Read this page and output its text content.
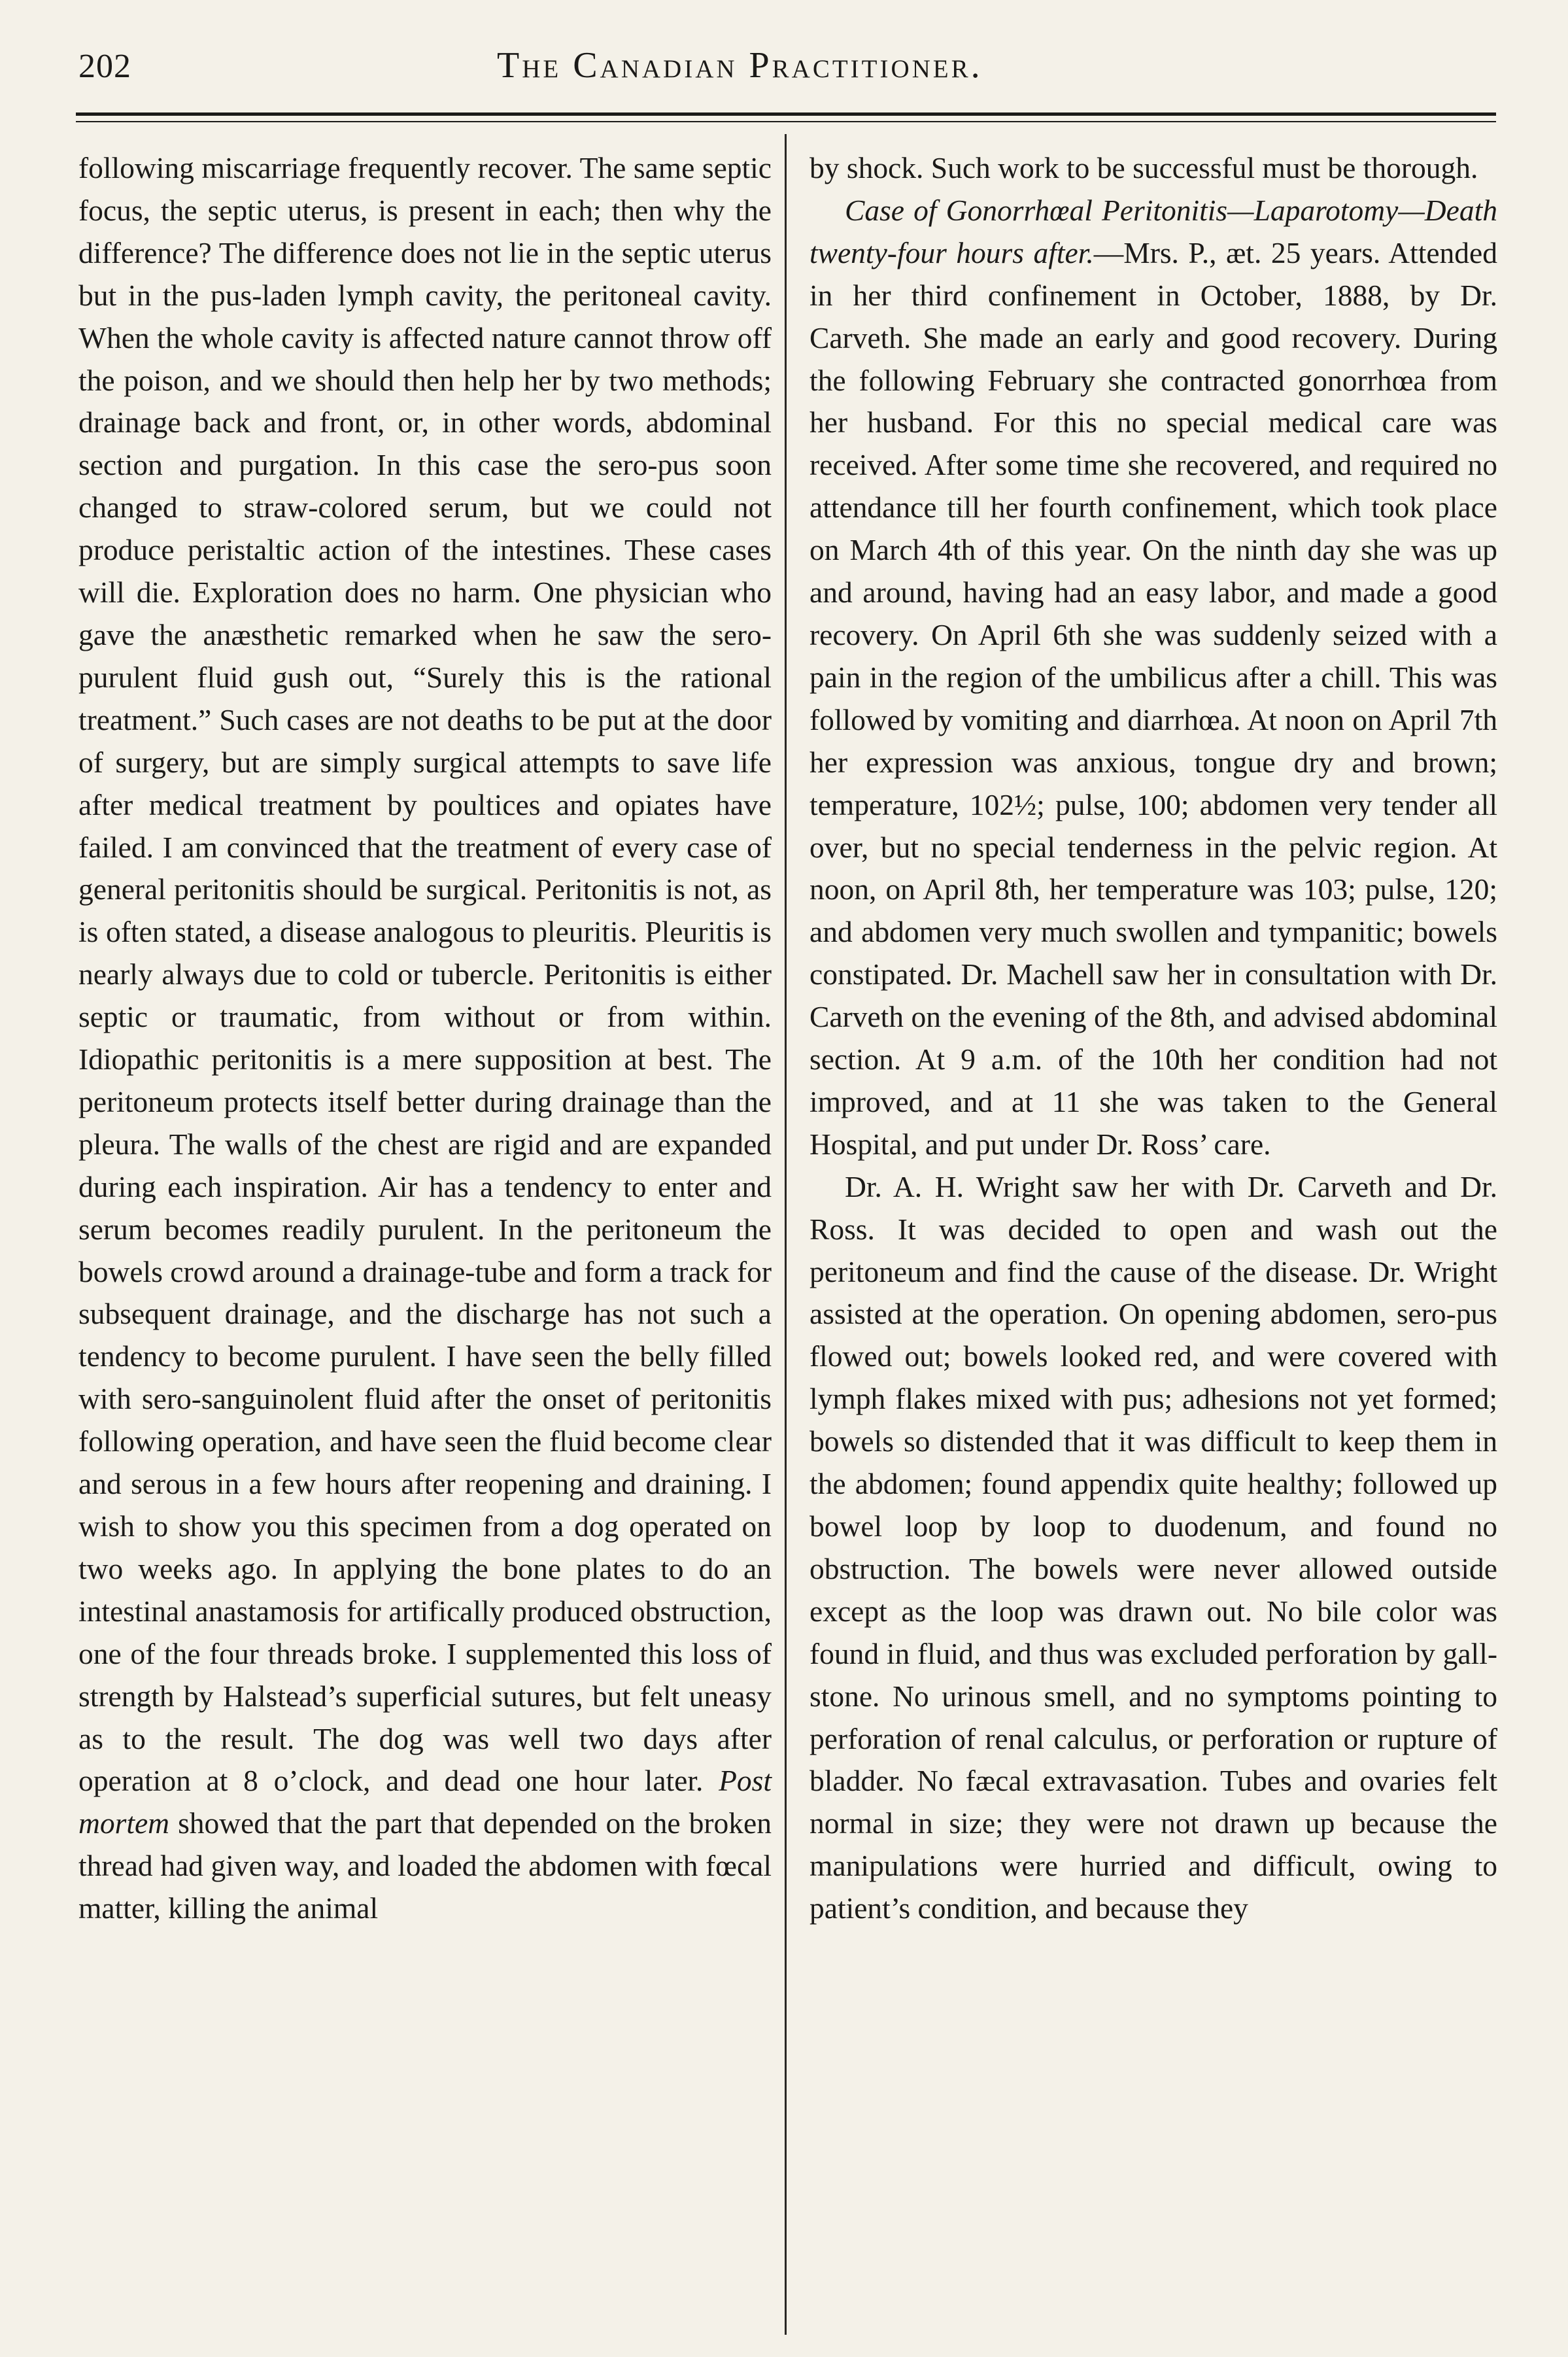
202	The Canadian Practitioner.

following miscarriage frequently recover. The same septic focus, the septic uterus, is present in each; then why the difference? The difference does not lie in the septic uterus but in the pus-laden lymph cavity, the peritoneal cavity. When the whole cavity is affected nature cannot throw off the poison, and we should then help her by two methods; drainage back and front, or, in other words, abdominal section and purgation. In this case the sero-pus soon changed to straw-colored serum, but we could not produce peristaltic action of the intestines. These cases will die. Exploration does no harm. One physician who gave the anæsthetic remarked when he saw the sero-purulent fluid gush out, “Surely this is the rational treatment.” Such cases are not deaths to be put at the door of surgery, but are simply surgical attempts to save life after medical treatment by poultices and opiates have failed. I am convinced that the treatment of every case of general peritonitis should be surgical. Peritonitis is not, as is often stated, a disease analogous to pleuritis. Pleuritis is nearly always due to cold or tubercle. Peritonitis is either septic or traumatic, from without or from within. Idiopathic peritonitis is a mere supposition at best. The peritoneum protects itself better during drainage than the pleura. The walls of the chest are rigid and are expanded during each inspiration. Air has a tendency to enter and serum becomes readily purulent. In the peritoneum the bowels crowd around a drainage-tube and form a track for subsequent drainage, and the discharge has not such a tendency to become purulent. I have seen the belly filled with sero-sanguinolent fluid after the onset of peritonitis following operation, and have seen the fluid become clear and serous in a few hours after reopening and draining. I wish to show you this specimen from a dog operated on two weeks ago. In applying the bone plates to do an intestinal anastamosis for artifically produced obstruction, one of the four threads broke. I supplemented this loss of strength by Halstead’s superficial sutures, but felt uneasy as to the result. The dog was well two days after operation at 8 o’clock, and dead one hour later. Post mortem showed that the part that depended on the broken thread had given way, and loaded the abdomen with fœcal matter, killing the animal

by shock. Such work to be successful must be thorough.

Case of Gonorrhœal Peritonitis—Laparotomy—Death twenty-four hours after.—Mrs. P., æt. 25 years. Attended in her third confinement in October, 1888, by Dr. Carveth. She made an early and good recovery. During the following February she contracted gonorrhœa from her husband. For this no special medical care was received. After some time she recovered, and required no attendance till her fourth confinement, which took place on March 4th of this year. On the ninth day she was up and around, having had an easy labor, and made a good recovery. On April 6th she was suddenly seized with a pain in the region of the umbilicus after a chill. This was followed by vomiting and diarrhœa. At noon on April 7th her expression was anxious, tongue dry and brown; temperature, 102½; pulse, 100; abdomen very tender all over, but no special tenderness in the pelvic region. At noon, on April 8th, her temperature was 103; pulse, 120; and abdomen very much swollen and tympanitic; bowels constipated. Dr. Machell saw her in consultation with Dr. Carveth on the evening of the 8th, and advised abdominal section. At 9 a.m. of the 10th her condition had not improved, and at 11 she was taken to the General Hospital, and put under Dr. Ross’ care.

Dr. A. H. Wright saw her with Dr. Carveth and Dr. Ross. It was decided to open and wash out the peritoneum and find the cause of the disease. Dr. Wright assisted at the operation. On opening abdomen, sero-pus flowed out; bowels looked red, and were covered with lymph flakes mixed with pus; adhesions not yet formed; bowels so distended that it was difficult to keep them in the abdomen; found appendix quite healthy; followed up bowel loop by loop to duodenum, and found no obstruction. The bowels were never allowed outside except as the loop was drawn out. No bile color was found in fluid, and thus was excluded perforation by gall-stone. No urinous smell, and no symptoms pointing to perforation of renal calculus, or perforation or rupture of bladder. No fæcal extravasation. Tubes and ovaries felt normal in size; they were not drawn up because the manipulations were hurried and difficult, owing to patient’s condition, and because they
